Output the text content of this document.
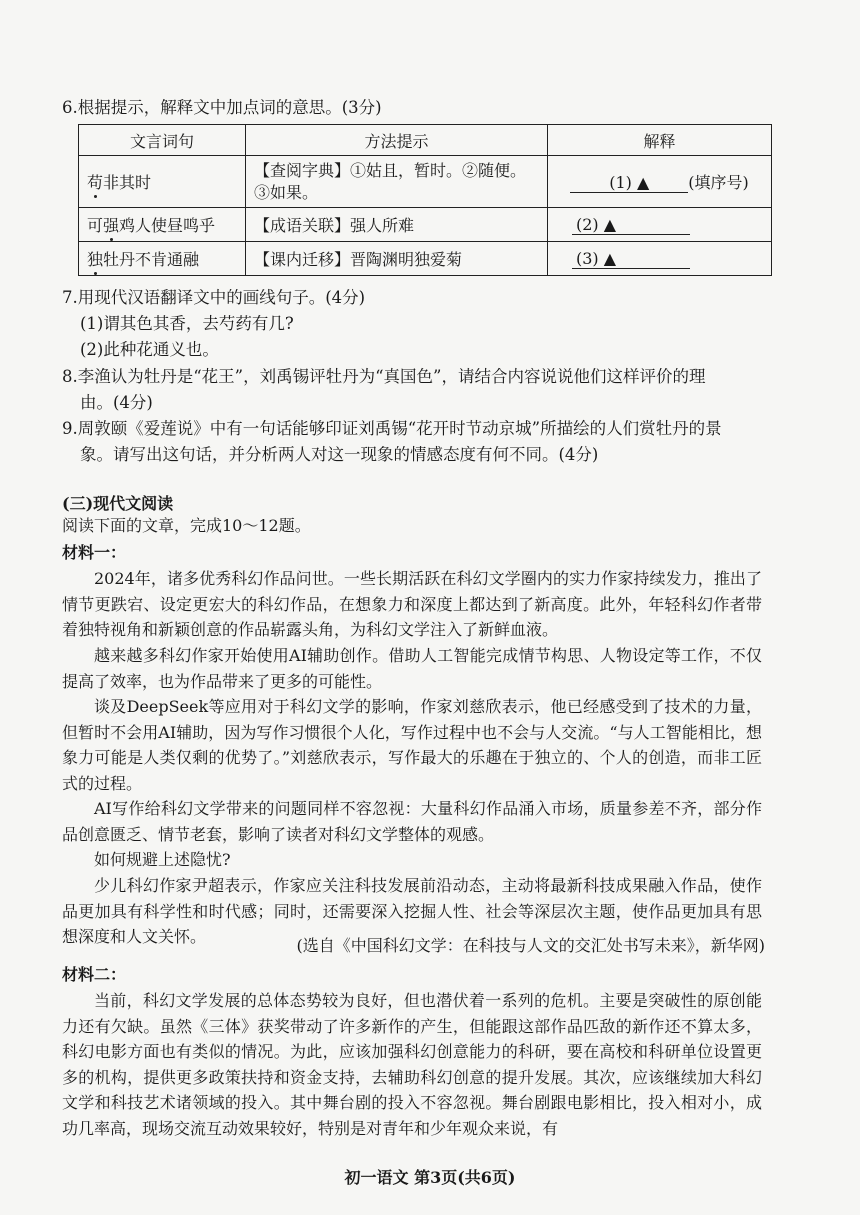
6.根据提示，解释文中加点词的意思。(3分)
文言词句	方法提示	解释
苟非其时	【查阅字典】①姑且，暂时。②随便。③如果。	(1) ▲ (填序号)
可强鸡人使昼鸣乎	【成语关联】强人所难	(2) ▲
独牡丹不肯通融	【课内迁移】晋陶渊明独爱菊	(3) ▲
7.用现代汉语翻译文中的画线句子。(4分)
(1)谓其色其香，去芍药有几?
(2)此种花通义也。
8.李渔认为牡丹是“花王”，刘禹锡评牡丹为“真国色”，请结合内容说说他们这样评价的理
由。(4分)
9.周敦颐《爱莲说》中有一句话能够印证刘禹锡“花开时节动京城”所描绘的人们赏牡丹的景
象。请写出这句话，并分析两人对这一现象的情感态度有何不同。(4分)
(三)现代文阅读
阅读下面的文章，完成10～12题。
材料一：
2024年，诸多优秀科幻作品问世。一些长期活跃在科幻文学圈内的实力作家持续发力，推出了情节更跌宕、设定更宏大的科幻作品，在想象力和深度上都达到了新高度。此外，年轻科幻作者带着独特视角和新颖创意的作品崭露头角，为科幻文学注入了新鲜血液。
越来越多科幻作家开始使用AI辅助创作。借助人工智能完成情节构思、人物设定等工作，不仅提高了效率，也为作品带来了更多的可能性。
谈及DeepSeek等应用对于科幻文学的影响，作家刘慈欣表示，他已经感受到了技术的力量，但暂时不会用AI辅助，因为写作习惯很个人化，写作过程中也不会与人交流。“与人工智能相比，想象力可能是人类仅剩的优势了。”刘慈欣表示，写作最大的乐趣在于独立的、个人的创造，而非工匠式的过程。
AI写作给科幻文学带来的问题同样不容忽视：大量科幻作品涌入市场，质量参差不齐，部分作品创意匮乏、情节老套，影响了读者对科幻文学整体的观感。
如何规避上述隐忧?
少儿科幻作家尹超表示，作家应关注科技发展前沿动态，主动将最新科技成果融入作品，使作品更加具有科学性和时代感；同时，还需要深入挖掘人性、社会等深层次主题，使作品更加具有思想深度和人文关怀。	(选自《中国科幻文学：在科技与人文的交汇处书写未来》，新华网)
材料二：
当前，科幻文学发展的总体态势较为良好，但也潜伏着一系列的危机。主要是突破性的原创能力还有欠缺。虽然《三体》获奖带动了许多新作的产生，但能跟这部作品匹敌的新作还不算太多，科幻电影方面也有类似的情况。为此，应该加强科幻创意能力的科研，要在高校和科研单位设置更多的机构，提供更多政策扶持和资金支持，去辅助科幻创意的提升发展。其次，应该继续加大科幻文学和科技艺术诸领域的投入。其中舞台剧的投入不容忽视。舞台剧跟电影相比，投入相对小，成功几率高，现场交流互动效果较好，特别是对青年和少年观众来说，有
初一语文 第3页(共6页)
